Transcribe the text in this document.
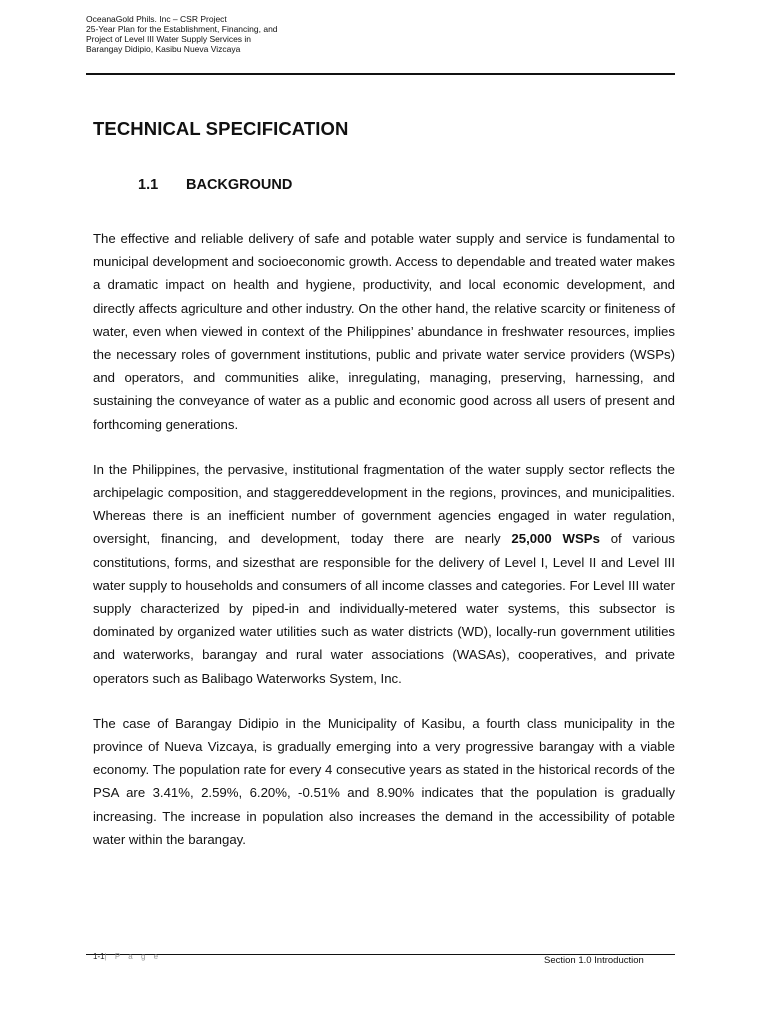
OceanaGold Phils. Inc – CSR Project
25-Year Plan for the Establishment, Financing, and
Project of Level III Water Supply Services in
Barangay Didipio, Kasibu Nueva Vizcaya
TECHNICAL SPECIFICATION
1.1 BACKGROUND

The effective and reliable delivery of safe and potable water supply and service is fundamental to municipal development and socioeconomic growth. Access to dependable and treated water makes a dramatic impact on health and hygiene, productivity, and local economic development, and directly affects agriculture and other industry. On the other hand, the relative scarcity or finiteness of water, even when viewed in context of the Philippines’ abundance in freshwater resources, implies the necessary roles of government institutions, public and private water service providers (WSPs) and operators, and communities alike, inregulating, managing, preserving, harnessing, and sustaining the conveyance of water as a public and economic good across all users of present and forthcoming generations.

In the Philippines, the pervasive, institutional fragmentation of the water supply sector reflects the archipelagic composition, and staggereddevelopment in the regions, provinces, and municipalities. Whereas there is an inefficient number of government agencies engaged in water regulation, oversight, financing, and development, today there are nearly 25,000 WSPs of various constitutions, forms, and sizesthat are responsible for the delivery of Level I, Level II and Level III water supply to households and consumers of all income classes and categories. For Level III water supply characterized by piped-in and individually-metered water systems, this subsector is dominated by organized water utilities such as water districts (WD), locally-run government utilities and waterworks, barangay and rural water associations (WASAs), cooperatives, and private operators such as Balibago Waterworks System, Inc.

The case of Barangay Didipio in the Municipality of Kasibu, a fourth class municipality in the province of Nueva Vizcaya, is gradually emerging into a very progressive barangay with a viable economy. The population rate for every 4 consecutive years as stated in the historical records of the PSA are 3.41%, 2.59%, 6.20%, -0.51% and 8.90% indicates that the population is gradually increasing. The increase in population also increases the demand in the accessibility of potable water within the barangay.

1-1| P a g e	Section 1.0 Introduction
